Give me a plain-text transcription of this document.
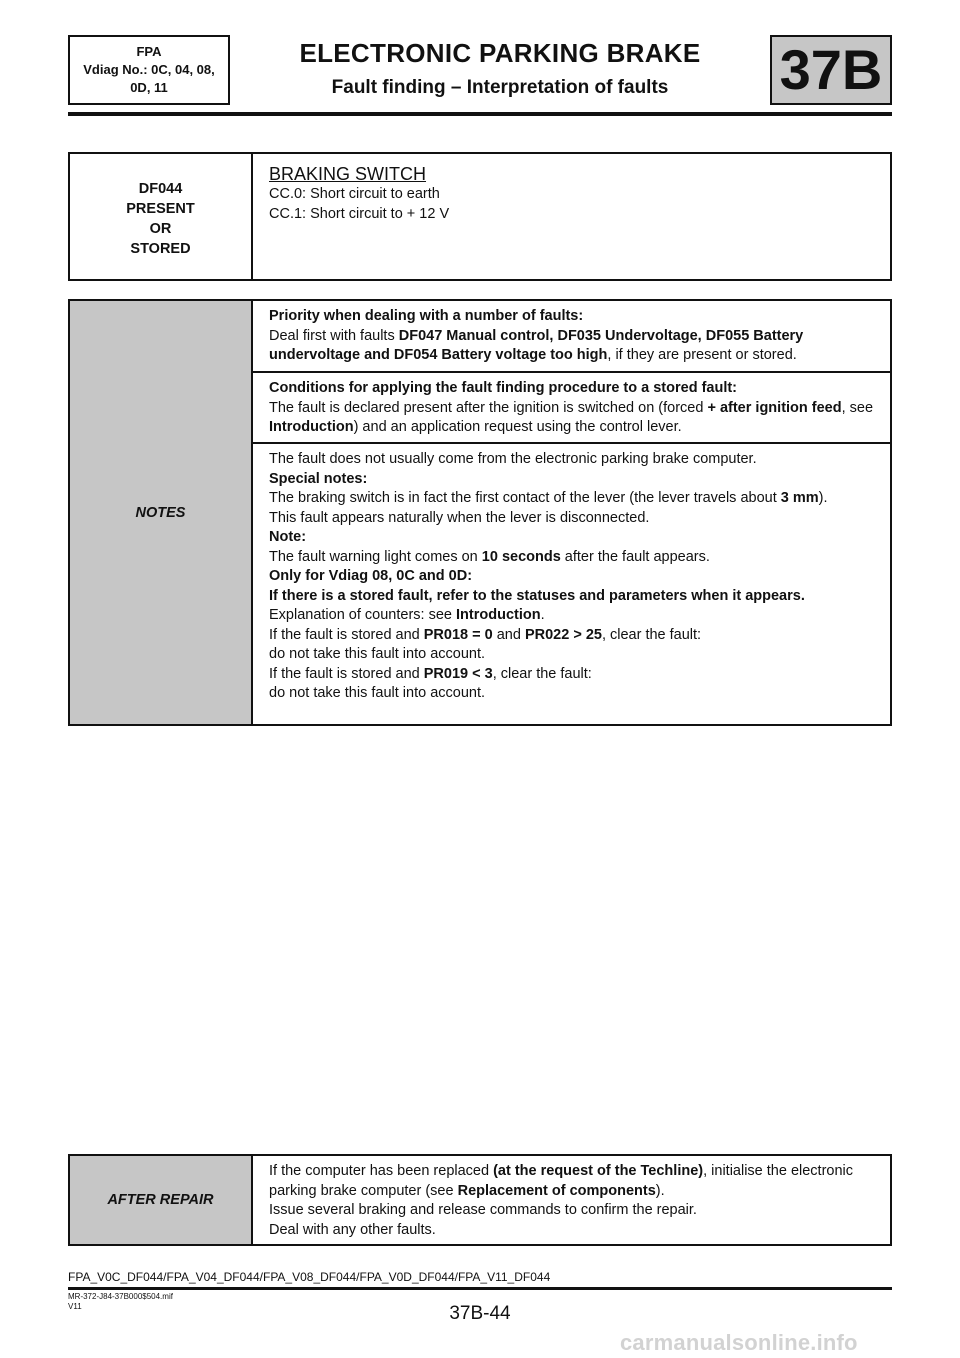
FPA
Vdiag No.: 0C, 04, 08,
0D, 11
ELECTRONIC PARKING BRAKE
Fault finding – Interpretation of faults	37B
DF044
PRESENT
OR
STORED
BRAKING SWITCH
CC.0: Short circuit to earth
CC.1: Short circuit to + 12 V
NOTES
Priority when dealing with a number of faults:
Deal first with faults DF047 Manual control, DF035 Undervoltage, DF055 Battery undervoltage and DF054 Battery voltage too high, if they are present or stored.
Conditions for applying the fault finding procedure to a stored fault:
The fault is declared present after the ignition is switched on (forced + after ignition feed, see Introduction) and an application request using the control lever.
The fault does not usually come from the electronic parking brake computer.
Special notes:
The braking switch is in fact the first contact of the lever (the lever travels about 3 mm).
This fault appears naturally when the lever is disconnected.
Note:
The fault warning light comes on 10 seconds after the fault appears.
Only for Vdiag 08, 0C and 0D:
If there is a stored fault, refer to the statuses and parameters when it appears.
Explanation of counters: see Introduction.
If the fault is stored and PR018 = 0 and PR022 > 25, clear the fault:
do not take this fault into account.
If the fault is stored and PR019 < 3, clear the fault:
do not take this fault into account.
AFTER REPAIR
If the computer has been replaced (at the request of the Techline), initialise the electronic parking brake computer (see Replacement of components).
Issue several braking and release commands to confirm the repair.
Deal with any other faults.
FPA_V0C_DF044/FPA_V04_DF044/FPA_V08_DF044/FPA_V0D_DF044/FPA_V11_DF044
MR-372-J84-37B000$504.mif
V11	37B-44
carmanualsonline.info
